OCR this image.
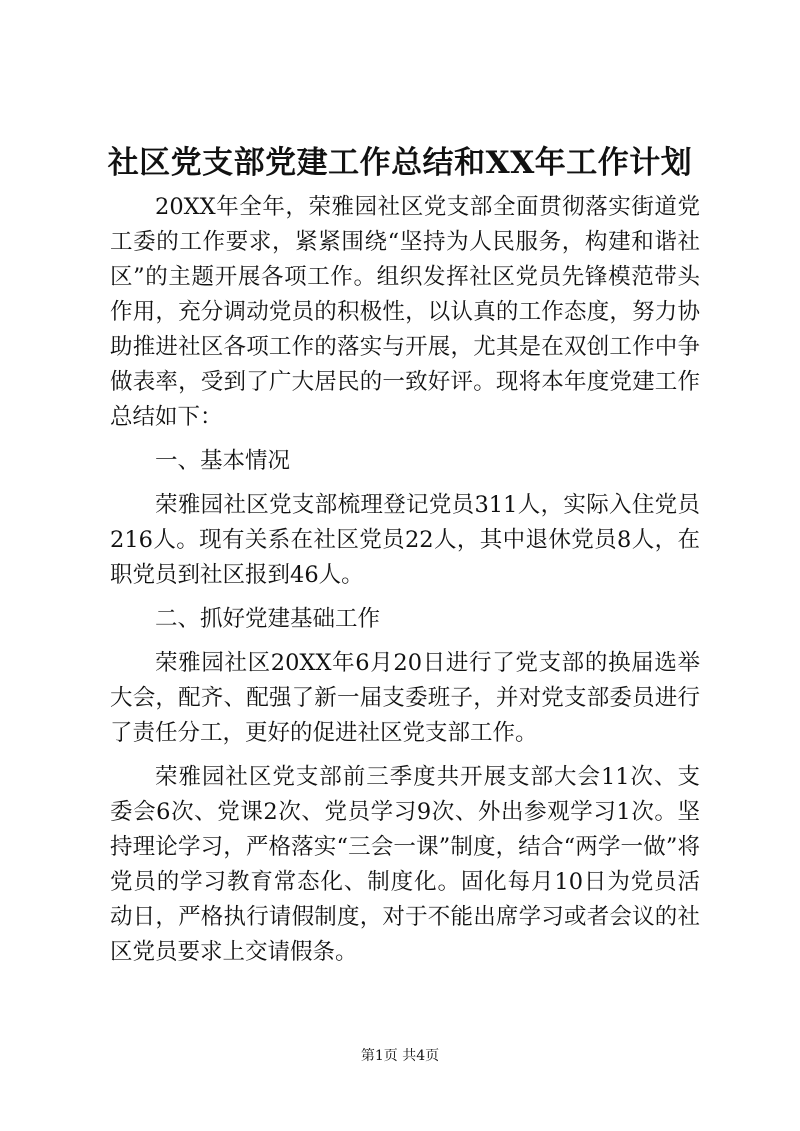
社区党支部党建工作总结和XX年工作计划

20XX年全年，荣雅园社区党支部全面贯彻落实街道党工委的工作要求，紧紧围绕“坚持为人民服务，构建和谐社区”的主题开展各项工作。组织发挥社区党员先锋模范带头作用，充分调动党员的积极性，以认真的工作态度，努力协助推进社区各项工作的落实与开展，尤其是在双创工作中争做表率，受到了广大居民的一致好评。现将本年度党建工作总结如下：

一、基本情况

荣雅园社区党支部梳理登记党员311人，实际入住党员216人。现有关系在社区党员22人，其中退休党员8人，在职党员到社区报到46人。

二、抓好党建基础工作

荣雅园社区20XX年6月20日进行了党支部的换届选举大会，配齐、配强了新一届支委班子，并对党支部委员进行了责任分工，更好的促进社区党支部工作。

荣雅园社区党支部前三季度共开展支部大会11次、支委会6次、党课2次、党员学习9次、外出参观学习1次。坚持理论学习，严格落实“三会一课”制度，结合“两学一做”将党员的学习教育常态化、制度化。固化每月10日为党员活动日，严格执行请假制度，对于不能出席学习或者会议的社区党员要求上交请假条。

第1页 共4页
